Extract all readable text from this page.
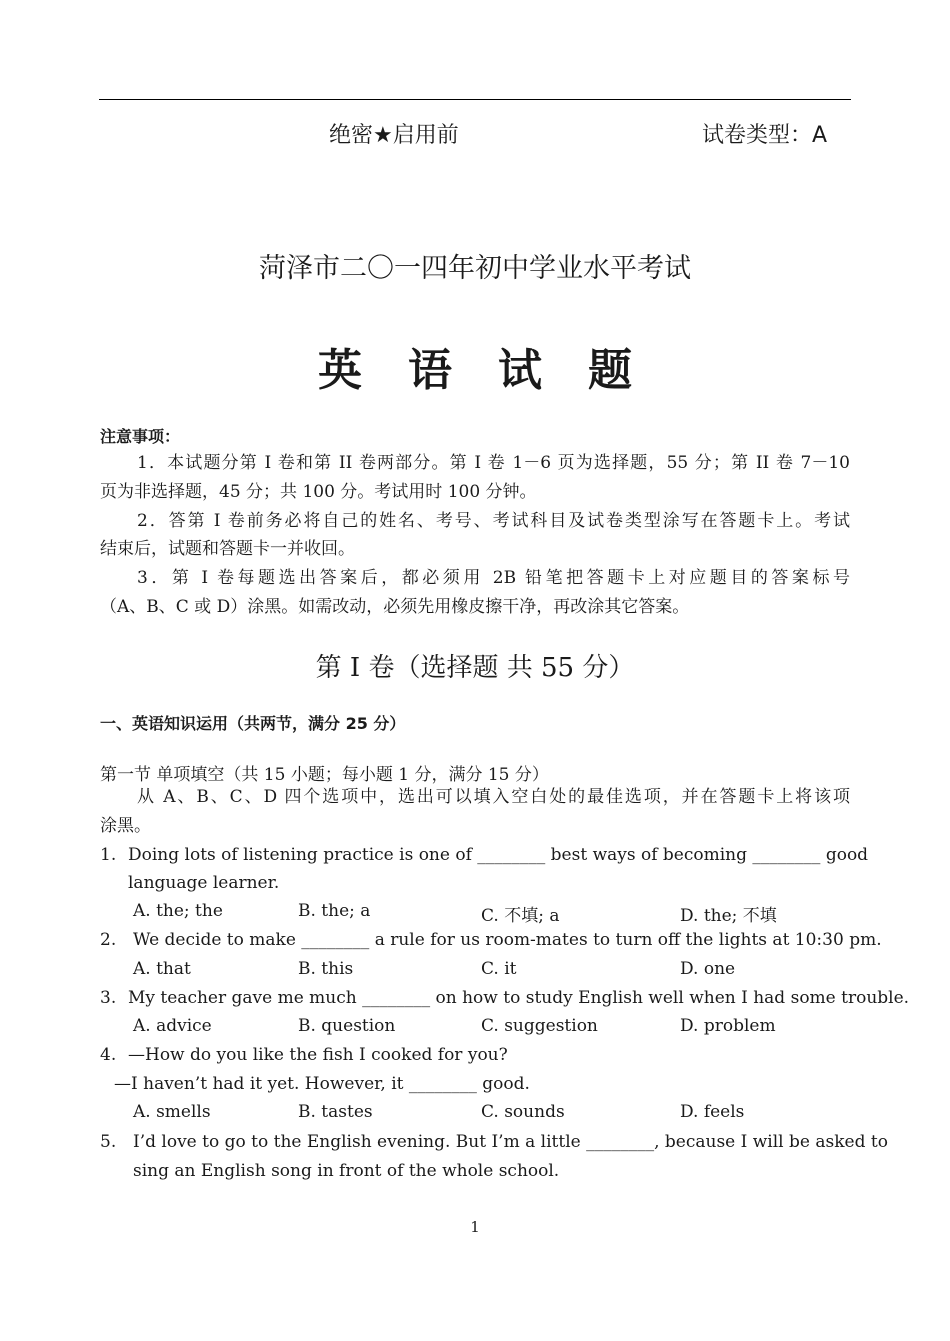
绝密★启用前	试卷类型：A
菏泽市二〇一四年初中学业水平考试
英语试题
注意事项：
1．本试题分第 I 卷和第 II 卷两部分。第 I 卷 1－6 页为选择题，55 分；第 II 卷 7－10
页为非选择题，45 分；共 100 分。考试用时 100 分钟。
2．答第 I 卷前务必将自己的姓名、考号、考试科目及试卷类型涂写在答题卡上。考试
结束后，试题和答题卡一并收回。
3．第 I 卷每题选出答案后，都必须用 2B 铅笔把答题卡上对应题目的答案标号
（A、B、C 或 D）涂黑。如需改动，必须先用橡皮擦干净，再改涂其它答案。
第 I 卷（选择题 共 55 分）
一、英语知识运用（共两节，满分 25 分）
第一节 单项填空（共 15 小题；每小题 1 分，满分 15 分）
从 A、B、C、D 四个选项中，选出可以填入空白处的最佳选项，并在答题卡上将该项
涂黑。
1. Doing lots of listening practice is one of ________ best ways of becoming ________ good
language learner.
A. the; the	B. the; a	C. 不填; a	D. the; 不填
2. We decide to make ________ a rule for us room-mates to turn off the lights at 10:30 pm.
A. that	B. this	C. it	D. one
3. My teacher gave me much ________ on how to study English well when I had some trouble.
A. advice	B. question	C. suggestion	D. problem
4. —How do you like the fish I cooked for you?
—I haven’t had it yet. However, it ________ good.
A. smells	B. tastes	C. sounds	D. feels
5. I’d love to go to the English evening. But I’m a little ________, because I will be asked to
sing an English song in front of the whole school.
1
